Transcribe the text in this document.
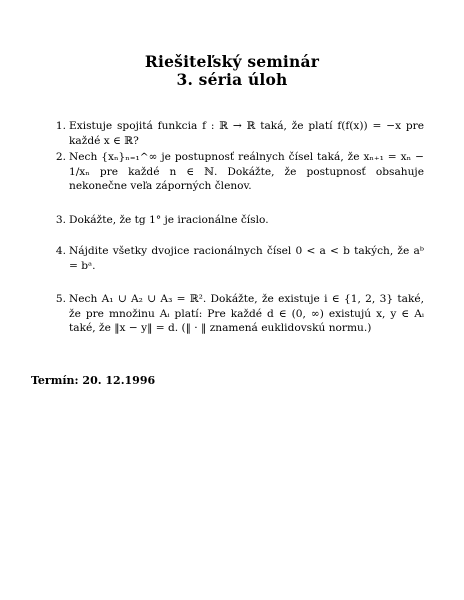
Riešiteľský seminár
3. séria úloh
1. Existuje spojitá funkcia f : ℝ → ℝ taká, že platí f(f(x)) = −x pre každé x ∈ ℝ?
2. Nech {xₙ}ₙ₌₁^∞ je postupnosť reálnych čísel taká, že xₙ₊₁ = xₙ − 1/xₙ pre každé n ∈ ℕ. Dokážte, že postupnosť obsahuje nekonečne veľa záporných členov.
3. Dokážte, že tg 1° je iracionálne číslo.
4. Nájdite všetky dvojice racionálnych čísel 0 < a < b takých, že aᵇ = bᵃ.
5. Nech A₁ ∪ A₂ ∪ A₃ = ℝ². Dokážte, že existuje i ∈ {1, 2, 3} také, že pre množinu Aᵢ platí: Pre každé d ∈ (0, ∞) existujú x, y ∈ Aᵢ také, že ‖x − y‖ = d. (‖ · ‖ znamená euklidovskú normu.)
Termín: 20. 12.1996
